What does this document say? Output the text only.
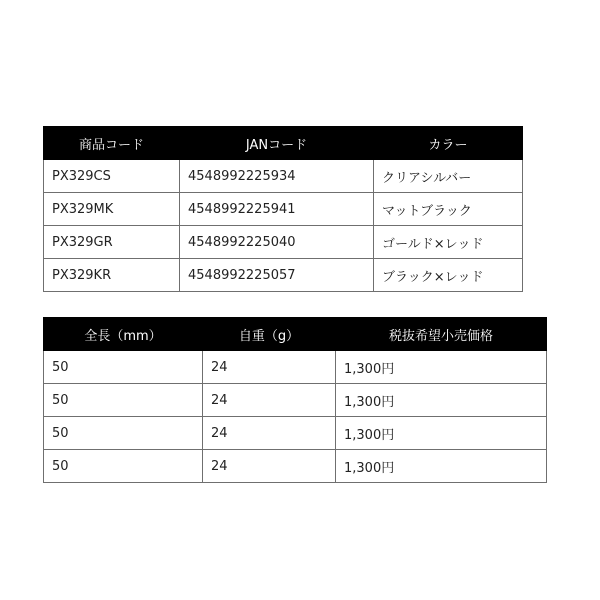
商品コード	JANコード	カラー
PX329CS	4548992225934	クリアシルバー
PX329MK	4548992225941	マットブラック
PX329GR	4548992225040	ゴールド×レッド
PX329KR	4548992225057	ブラック×レッド
全長（mm）	自重（g）	税抜希望小売価格
50	24	1,300円
50	24	1,300円
50	24	1,300円
50	24	1,300円
